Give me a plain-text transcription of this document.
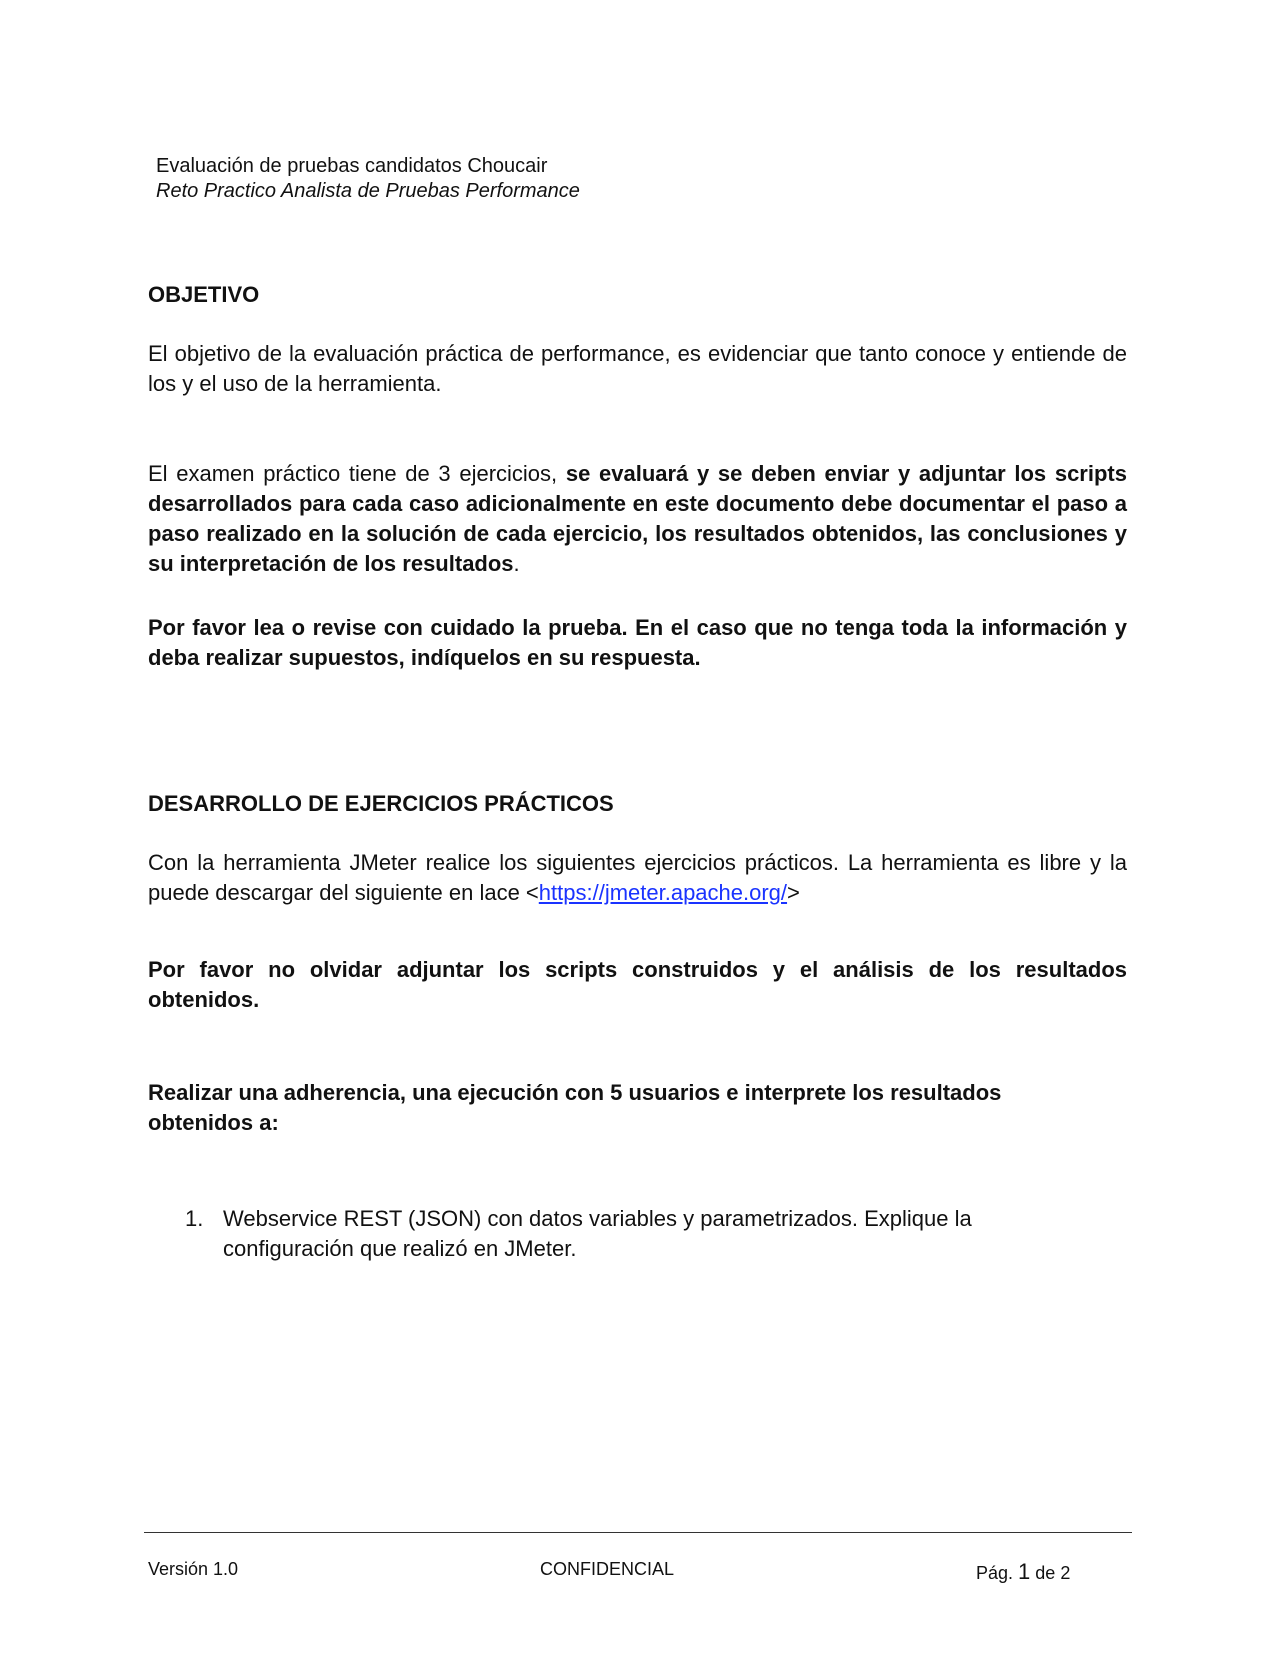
Evaluación de pruebas candidatos Choucair
Reto Practico Analista de Pruebas Performance
OBJETIVO
El objetivo de la evaluación práctica de performance, es evidenciar que tanto conoce y entiende de los y el uso de la herramienta.
El examen práctico tiene de 3 ejercicios, se evaluará y se deben enviar y adjuntar los scripts desarrollados para cada caso adicionalmente en este documento debe documentar el paso a paso realizado en la solución de cada ejercicio, los resultados obtenidos, las conclusiones y su interpretación de los resultados.
Por favor lea o revise con cuidado la prueba. En el caso que no tenga toda la información y deba realizar supuestos, indíquelos en su respuesta.
DESARROLLO DE EJERCICIOS PRÁCTICOS
Con la herramienta JMeter realice los siguientes ejercicios prácticos. La herramienta es libre y la puede descargar del siguiente en lace <https://jmeter.apache.org/>
Por favor no olvidar adjuntar los scripts construidos y el análisis de los resultados obtenidos.
Realizar una adherencia, una ejecución con 5 usuarios e interprete los resultados obtenidos a:
1. Webservice REST (JSON) con datos variables y parametrizados. Explique la configuración que realizó en JMeter.
Versión 1.0	CONFIDENCIAL	Pág. 1 de 2
